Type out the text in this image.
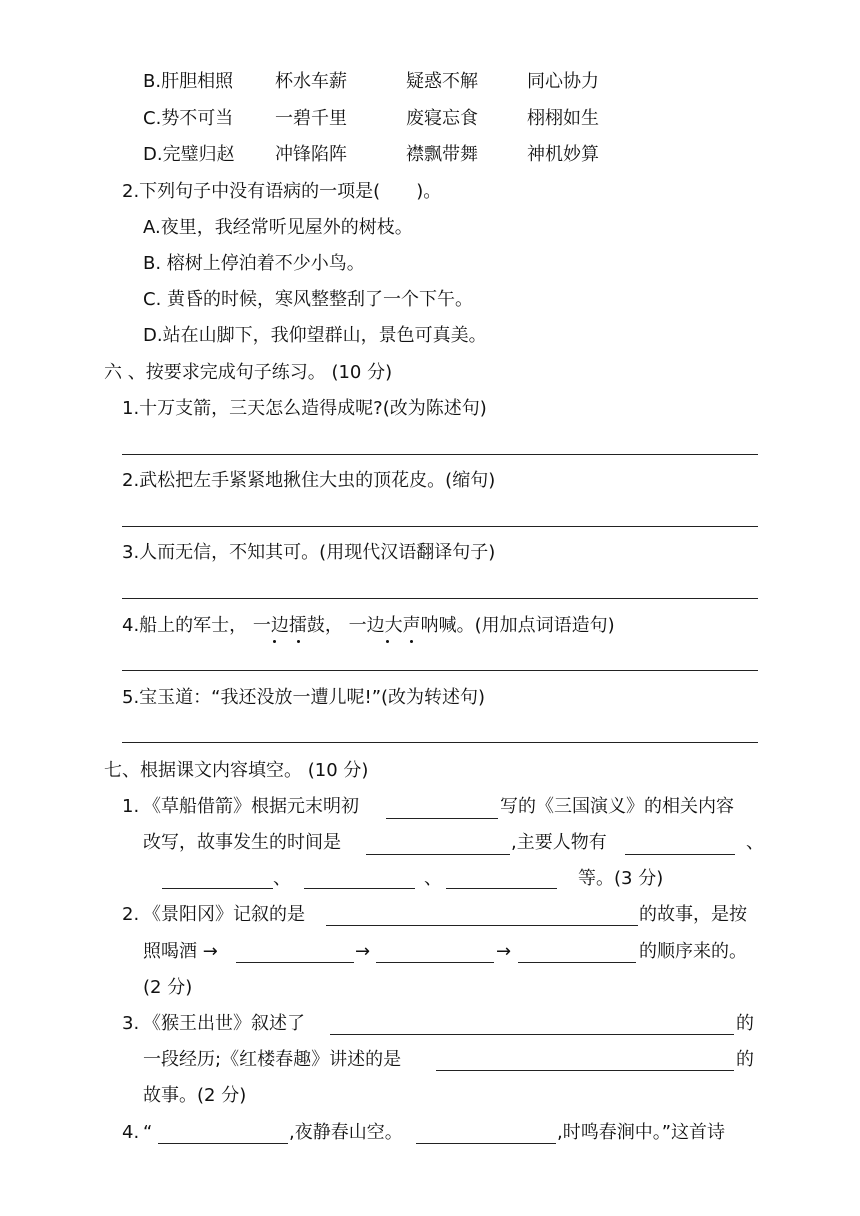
B.肝胆相照 杯水车薪	疑惑不解	同心协力
C.势不可当 一碧千里	废寝忘食	栩栩如生
D.完璧归赵 冲锋陷阵	襟飘带舞	神机妙算
2.下列句子中没有语病的一项是(　　)。
A.夜里，我经常听见屋外的树枝。
B. 榕树上停泊着不少小鸟。
C. 黄昏的时候，寒风整整刮了一个下午。
D.站在山脚下，我仰望群山，景色可真美。
六 、按要求完成句子练习。 (10 分)
1.十万支箭，三天怎么造得成呢?(改为陈述句)
2.武松把左手紧紧地揪住大虫的顶花皮。(缩句)
3.人而无信，不知其可。(用现代汉语翻译句子)
4.船上的军士， 一边擂鼓， 一边大声呐喊。(用加点词语造句)
5.宝玉道：“我还没放一遭儿呢!”(改为转述句)
七、根据课文内容填空。 (10 分)
1. 《草船借箭》根据元末明初	写的《三国演义》的相关内容
改写，故事发生的时间是	,主要人物有	、
、	、	等。(3 分)
2. 《景阳冈》记叙的是	的故事，是按
照喝酒 →	→	→	的顺序来的。
(2 分)
3. 《猴王出世》叙述了	的
一段经历;《红楼春趣》讲述的是	的
故事。(2 分)
4. “	,夜静春山空。	,时鸣春涧中。”这首诗
